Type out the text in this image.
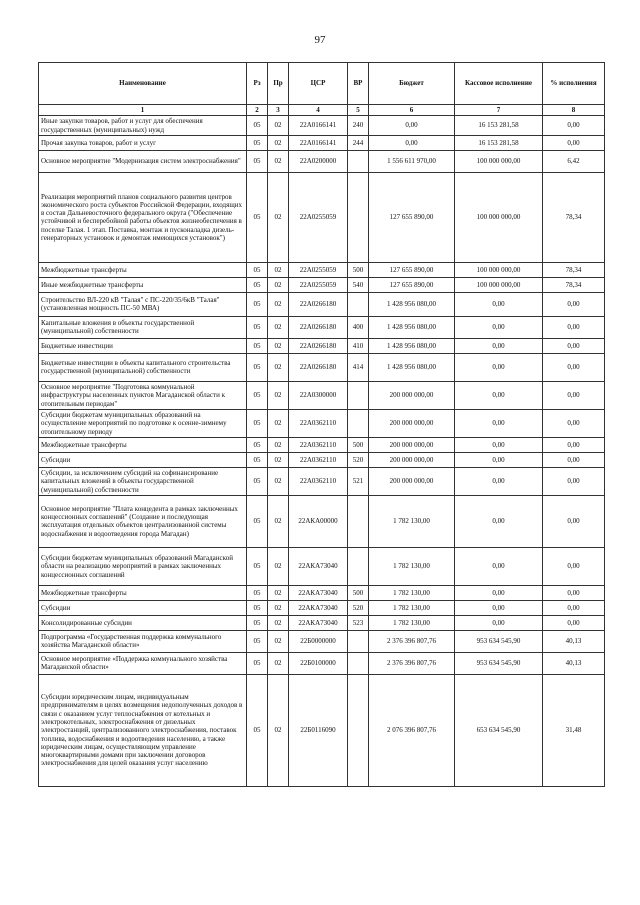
97
Наименование	Рз	Пр	ЦСР	ВР	Бюджет	Кассовое исполнение	% исполнения
1	2	3	4	5	6	7	8
Иные закупки товаров, работ и услуг для обеспечения государственных (муниципальных) нужд	05	02	22А0166141	240	0,00	16 153 281,58	0,00
Прочая закупка товаров, работ и услуг	05	02	22А0166141	244	0,00	16 153 281,58	0,00
Основное мероприятие "Модернизация систем электроснабжения"	05	02	22А0200000		1 556 611 970,00	100 000 000,00	6,42
Реализация мероприятий планов социального развития центров экономического роста субъектов Российской Федерации, входящих в состав Дальневосточного федерального округа ("Обеспечение устойчивой и бесперебойной работы объектов жизнеобеспечения в поселке Талая. 1 этап. Поставка, монтаж и пусконаладка дизель-генераторных установок и демонтаж имеющихся установок")	05	02	22А0255059		127 655 890,00	100 000 000,00	78,34
Межбюджетные трансферты	05	02	22А0255059	500	127 655 890,00	100 000 000,00	78,34
Иные межбюджетные трансферты	05	02	22А0255059	540	127 655 890,00	100 000 000,00	78,34
Строительство ВЛ-220 кВ "Талая" с ПС-220/35/6кВ "Талая" (установленная мощность ПС-50 МВА)	05	02	22А0266180		1 428 956 080,00	0,00	0,00
Капитальные вложения в объекты государственной (муниципальной) собственности	05	02	22А0266180	400	1 428 956 080,00	0,00	0,00
Бюджетные инвестиции	05	02	22А0266180	410	1 428 956 080,00	0,00	0,00
Бюджетные инвестиции в объекты капитального строительства государственной (муниципальной) собственности	05	02	22А0266180	414	1 428 956 080,00	0,00	0,00
Основное мероприятие "Подготовка коммунальной инфраструктуры населенных пунктов Магаданской области к отопительным периодам"	05	02	22А0300000		200 000 000,00	0,00	0,00
Субсидии бюджетам муниципальных образований на осуществление мероприятий по подготовке к осенне-зимнему отопительному периоду	05	02	22А0362110		200 000 000,00	0,00	0,00
Межбюджетные трансферты	05	02	22А0362110	500	200 000 000,00	0,00	0,00
Субсидии	05	02	22А0362110	520	200 000 000,00	0,00	0,00
Субсидии, за исключением субсидий на софинансирование капитальных вложений в объекты государственной (муниципальной) собственности	05	02	22А0362110	521	200 000 000,00	0,00	0,00
Основное мероприятие "Плата концедента в рамках заключенных концессионных соглашений" (Создание и последующая эксплуатация отдельных объектов централизованной системы водоснабжения и водоотведения города Магадан)	05	02	22АКА00000		1 782 130,00	0,00	0,00
Субсидии бюджетам муниципальных образований Магаданской области на реализацию мероприятий в рамках заключенных концессионных соглашений	05	02	22АКА73040		1 782 130,00	0,00	0,00
Межбюджетные трансферты	05	02	22АКА73040	500	1 782 130,00	0,00	0,00
Субсидии	05	02	22АКА73040	520	1 782 130,00	0,00	0,00
Консолидированные субсидии	05	02	22АКА73040	523	1 782 130,00	0,00	0,00
Подпрограмма «Государственная поддержка коммунального хозяйства Магаданской области»	05	02	22Б0000000		2 376 396 807,76	953 634 545,90	40,13
Основное мероприятие «Поддержка коммунального хозяйства Магаданской области»	05	02	22Б0100000		2 376 396 807,76	953 634 545,90	40,13
Субсидии юридическим лицам, индивидуальным предпринимателям в целях возмещения недополученных доходов в связи с оказанием услуг теплоснабжения от котельных и электрокотельных, электроснабжения от дизельных электростанций, централизованного электроснабжения, поставок топлива, водоснабжения и водоотведения населению, а также юридическим лицам, осуществляющим управление многоквартирными домами при заключении договоров электроснабжения для целей оказания услуг населению	05	02	22Б0116090		2 076 396 807,76	653 634 545,90	31,48
